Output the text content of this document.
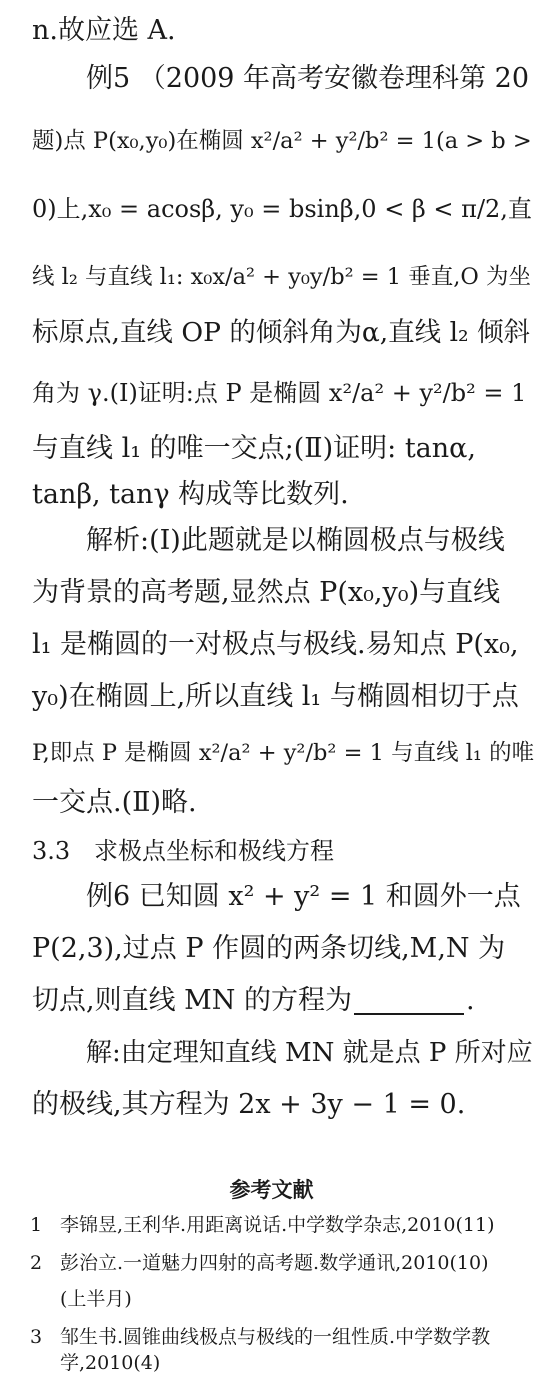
n.故应选 A.
例5 （2009 年高考安徽卷理科第 20
题)点 P(x₀,y₀)在椭圆 x²/a² + y²/b² = 1(a > b >
0)上,x₀ = acosβ, y₀ = bsinβ,0 < β < π/2,直
线 l₂ 与直线 l₁: x₀x/a² + y₀y/b² = 1 垂直,O 为坐
标原点,直线 OP 的倾斜角为α,直线 l₂ 倾斜
角为 γ.(Ⅰ)证明:点 P 是椭圆 x²/a² + y²/b² = 1
与直线 l₁ 的唯一交点;(Ⅱ)证明: tanα,
tanβ, tanγ 构成等比数列.
解析:(Ⅰ)此题就是以椭圆极点与极线
为背景的高考题,显然点 P(x₀,y₀)与直线
l₁ 是椭圆的一对极点与极线.易知点 P(x₀,
y₀)在椭圆上,所以直线 l₁ 与椭圆相切于点
P,即点 P 是椭圆 x²/a² + y²/b² = 1 与直线 l₁ 的唯
一交点.(Ⅱ)略.
3.3 求极点坐标和极线方程
例6 已知圆 x² + y² = 1 和圆外一点
P(2,3),过点 P 作圆的两条切线,M,N 为
切点,则直线 MN 的方程为	.
解:由定理知直线 MN 就是点 P 所对应
的极线,其方程为 2x + 3y − 1 = 0.
参考文献
1 李锦昱,王利华.用距离说话.中学数学杂志,2010(11)
2 彭治立.一道魅力四射的高考题.数学通讯,2010(10)
(上半月)
3 邹生书.圆锥曲线极点与极线的一组性质.中学数学教
学,2010(4)
